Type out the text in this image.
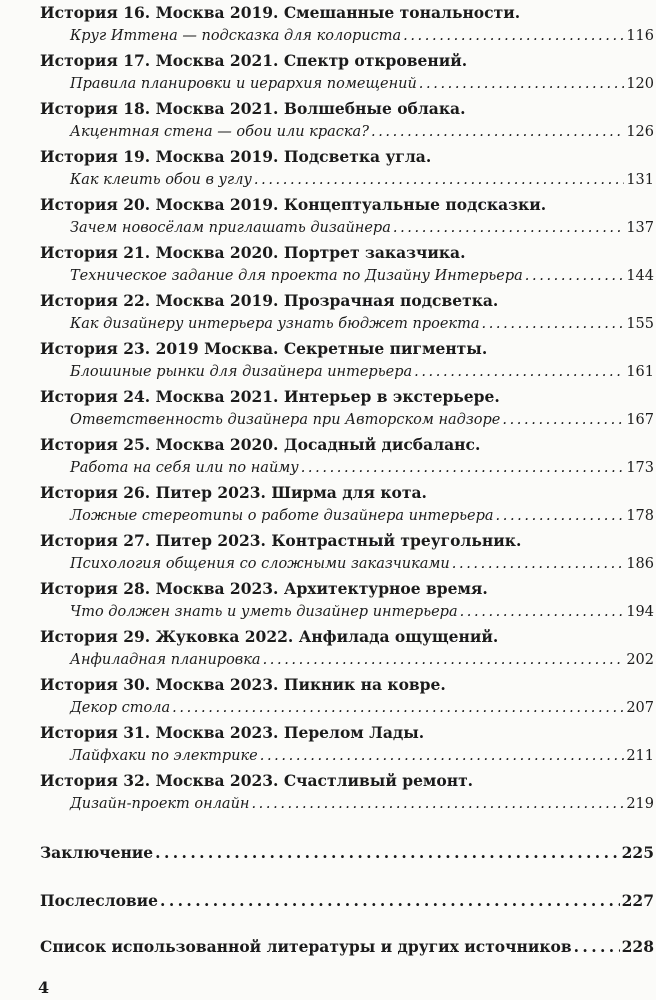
История 16. Москва 2019. Смешанные тональности.
Круг Иттена — подсказка для колориста . . .	116
История 17. Москва 2021. Спектр откровений.
Правила планировки и иерархия помещений . . .	120
История 18. Москва 2021. Волшебные облака.
Акцентная стена — обои или краска? . . .	126
История 19. Москва 2019. Подсветка угла.
Как клеить обои в углу . . .	131
История 20. Москва 2019. Концептуальные подсказки.
Зачем новосёлам приглашать дизайнера . . .	137
История 21. Москва 2020. Портрет заказчика.
Техническое задание для проекта по Дизайну Интерьера . . .	144
История 22. Москва 2019. Прозрачная подсветка.
Как дизайнеру интерьера узнать бюджет проекта . . .	155
История 23. 2019 Москва. Секретные пигменты.
Блошиные рынки для дизайнера интерьера . . .	161
История 24. Москва 2021. Интерьер в экстерьере.
Ответственность дизайнера при Авторском надзоре . . .	167
История 25. Москва 2020. Досадный дисбаланс.
Работа на себя или по найму . . .	173
История 26. Питер 2023. Ширма для кота.
Ложные стереотипы о работе дизайнера интерьера . . .	178
История 27. Питер 2023. Контрастный треугольник.
Психология общения со сложными заказчиками . . .	186
История 28. Москва 2023. Архитектурное время.
Что должен знать и уметь дизайнер интерьера . . .	194
История 29. Жуковка 2022. Анфилада ощущений.
Анфиладная планировка . . .	202
История 30. Москва 2023. Пикник на ковре.
Декор стола . . .	207
История 31. Москва 2023. Перелом Лады.
Лайфхаки по электрике . . .	211
История 32. Москва 2023. Счастливый ремонт.
Дизайн-проект онлайн . . .	219
Заключение . . .	225
Послесловие . . .	227
Список использованной литературы и других источников . . .	228
4
